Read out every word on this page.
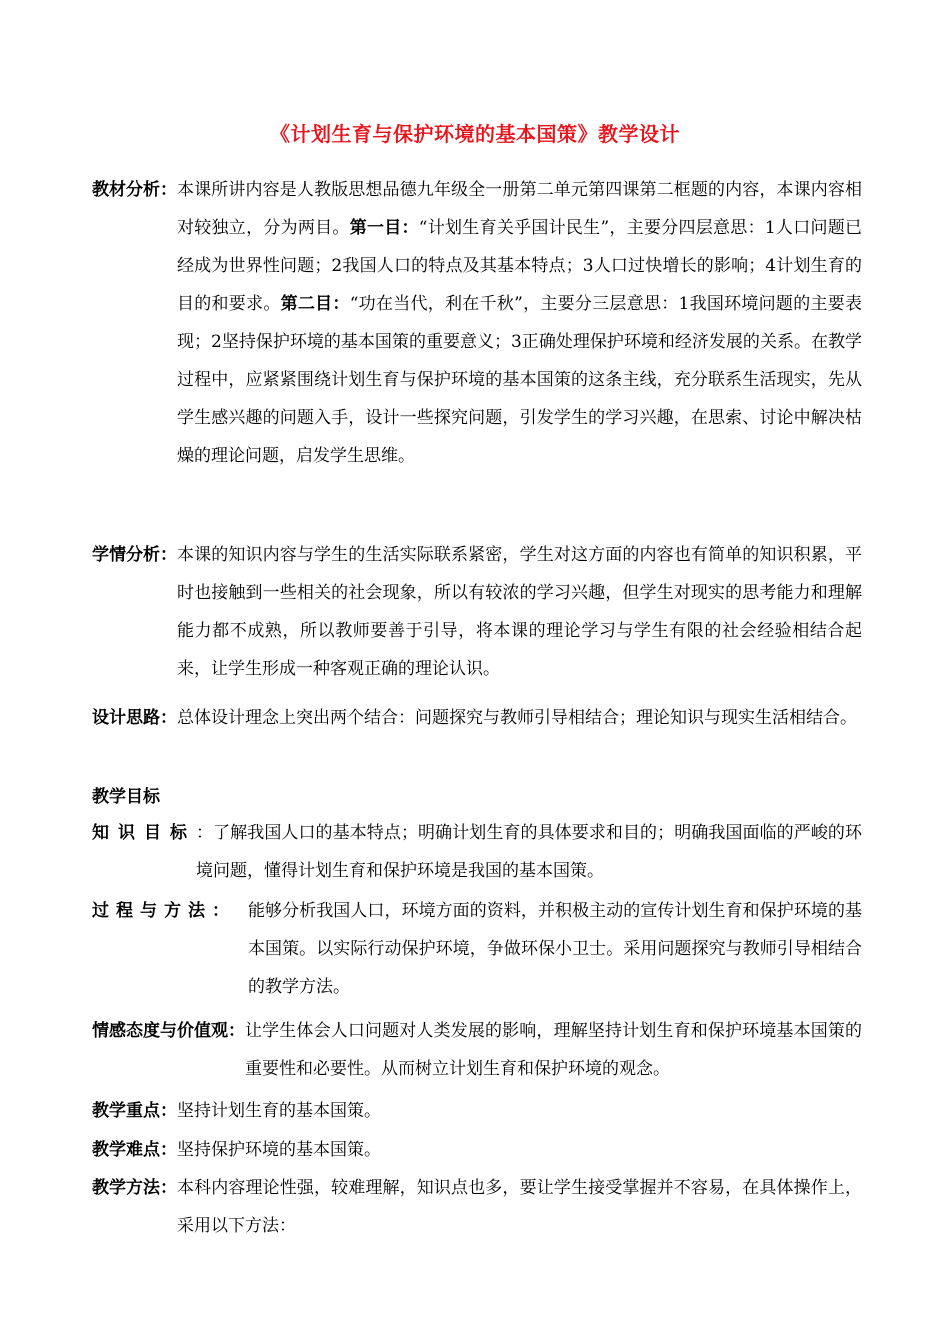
《计划生育与保护环境的基本国策》教学设计
教材分析： 本课所讲内容是人教版思想品德九年级全一册第二单元第四课第二框题的内容，本课内容相对较独立，分为两目。第一目：“计划生育关乎国计民生”，主要分四层意思：1人口问题已经成为世界性问题；2我国人口的特点及其基本特点；3人口过快增长的影响；4计划生育的目的和要求。第二目：“功在当代，利在千秋”，主要分三层意思：1我国环境问题的主要表现；2坚持保护环境的基本国策的重要意义；3正确处理保护环境和经济发展的关系。在教学过程中，应紧紧围绕计划生育与保护环境的基本国策的这条主线，充分联系生活现实，先从学生感兴趣的问题入手，设计一些探究问题，引发学生的学习兴趣，在思索、讨论中解决枯燥的理论问题，启发学生思维。
学情分析： 本课的知识内容与学生的生活实际联系紧密，学生对这方面的内容也有简单的知识积累，平时也接触到一些相关的社会现象，所以有较浓的学习兴趣，但学生对现实的思考能力和理解能力都不成熟，所以教师要善于引导，将本课的理论学习与学生有限的社会经验相结合起来，让学生形成一种客观正确的理论认识。
设计思路： 总体设计理念上突出两个结合：问题探究与教师引导相结合；理论知识与现实生活相结合。
教学目标
知识目标 ：了解我国人口的基本特点；明确计划生育的具体要求和目的；明确我国面临的严峻的环境问题，懂得计划生育和保护环境是我国的基本国策。
过程与方法： 能够分析我国人口，环境方面的资料，并积极主动的宣传计划生育和保护环境的基本国策。以实际行动保护环境，争做环保小卫士。采用问题探究与教师引导相结合的教学方法。
情感态度与价值观： 让学生体会人口问题对人类发展的影响，理解坚持计划生育和保护环境基本国策的重要性和必要性。从而树立计划生育和保护环境的观念。
教学重点： 坚持计划生育的基本国策。
教学难点： 坚持保护环境的基本国策。
教学方法： 本科内容理论性强，较难理解，知识点也多，要让学生接受掌握并不容易，在具体操作上，采用以下方法：
